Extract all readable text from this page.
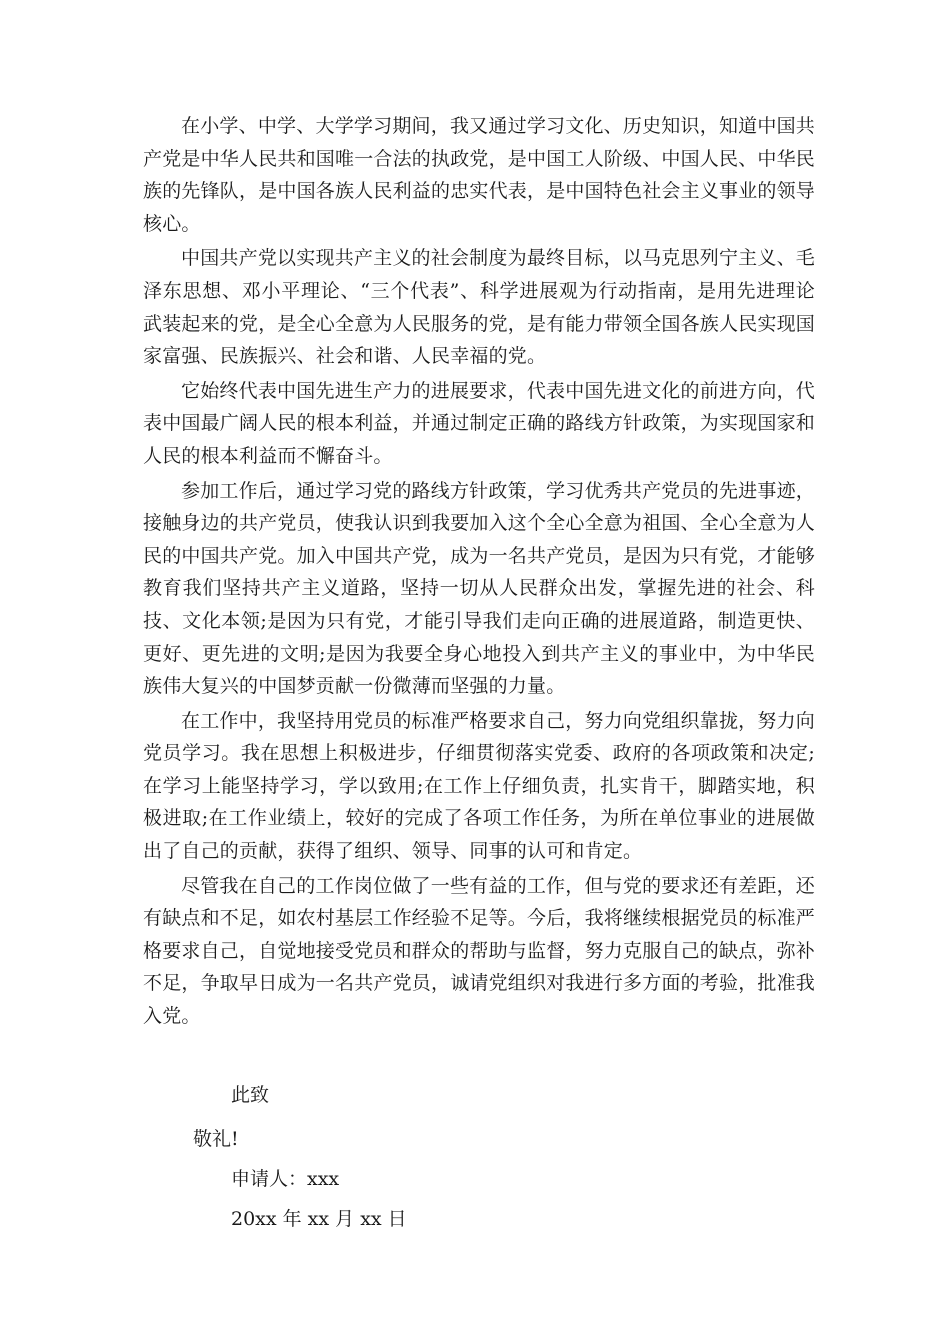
在小学、中学、大学学习期间，我又通过学习文化、历史知识，知道中国共产党是中华人民共和国唯一合法的执政党，是中国工人阶级、中国人民、中华民族的先锋队，是中国各族人民利益的忠实代表，是中国特色社会主义事业的领导核心。

中国共产党以实现共产主义的社会制度为最终目标，以马克思列宁主义、毛泽东思想、邓小平理论、“三个代表”、科学进展观为行动指南，是用先进理论武装起来的党，是全心全意为人民服务的党，是有能力带领全国各族人民实现国家富强、民族振兴、社会和谐、人民幸福的党。

它始终代表中国先进生产力的进展要求，代表中国先进文化的前进方向，代表中国最广阔人民的根本利益，并通过制定正确的路线方针政策，为实现国家和人民的根本利益而不懈奋斗。

参加工作后，通过学习党的路线方针政策，学习优秀共产党员的先进事迹，接触身边的共产党员，使我认识到我要加入这个全心全意为祖国、全心全意为人民的中国共产党。加入中国共产党，成为一名共产党员，是因为只有党，才能够教育我们坚持共产主义道路，坚持一切从人民群众出发，掌握先进的社会、科技、文化本领;是因为只有党，才能引导我们走向正确的进展道路，制造更快、更好、更先进的文明;是因为我要全身心地投入到共产主义的事业中，为中华民族伟大复兴的中国梦贡献一份微薄而坚强的力量。

在工作中，我坚持用党员的标准严格要求自己，努力向党组织靠拢，努力向党员学习。我在思想上积极进步，仔细贯彻落实党委、政府的各项政策和决定;在学习上能坚持学习，学以致用;在工作上仔细负责，扎实肯干，脚踏实地，积极进取;在工作业绩上，较好的完成了各项工作任务，为所在单位事业的进展做出了自己的贡献，获得了组织、领导、同事的认可和肯定。

尽管我在自己的工作岗位做了一些有益的工作，但与党的要求还有差距，还有缺点和不足，如农村基层工作经验不足等。今后，我将继续根据党员的标准严格要求自己，自觉地接受党员和群众的帮助与监督，努力克服自己的缺点，弥补不足，争取早日成为一名共产党员，诚请党组织对我进行多方面的考验，批准我入党。

此致
敬礼!
申请人：xxx
20xx 年 xx 月 xx 日
